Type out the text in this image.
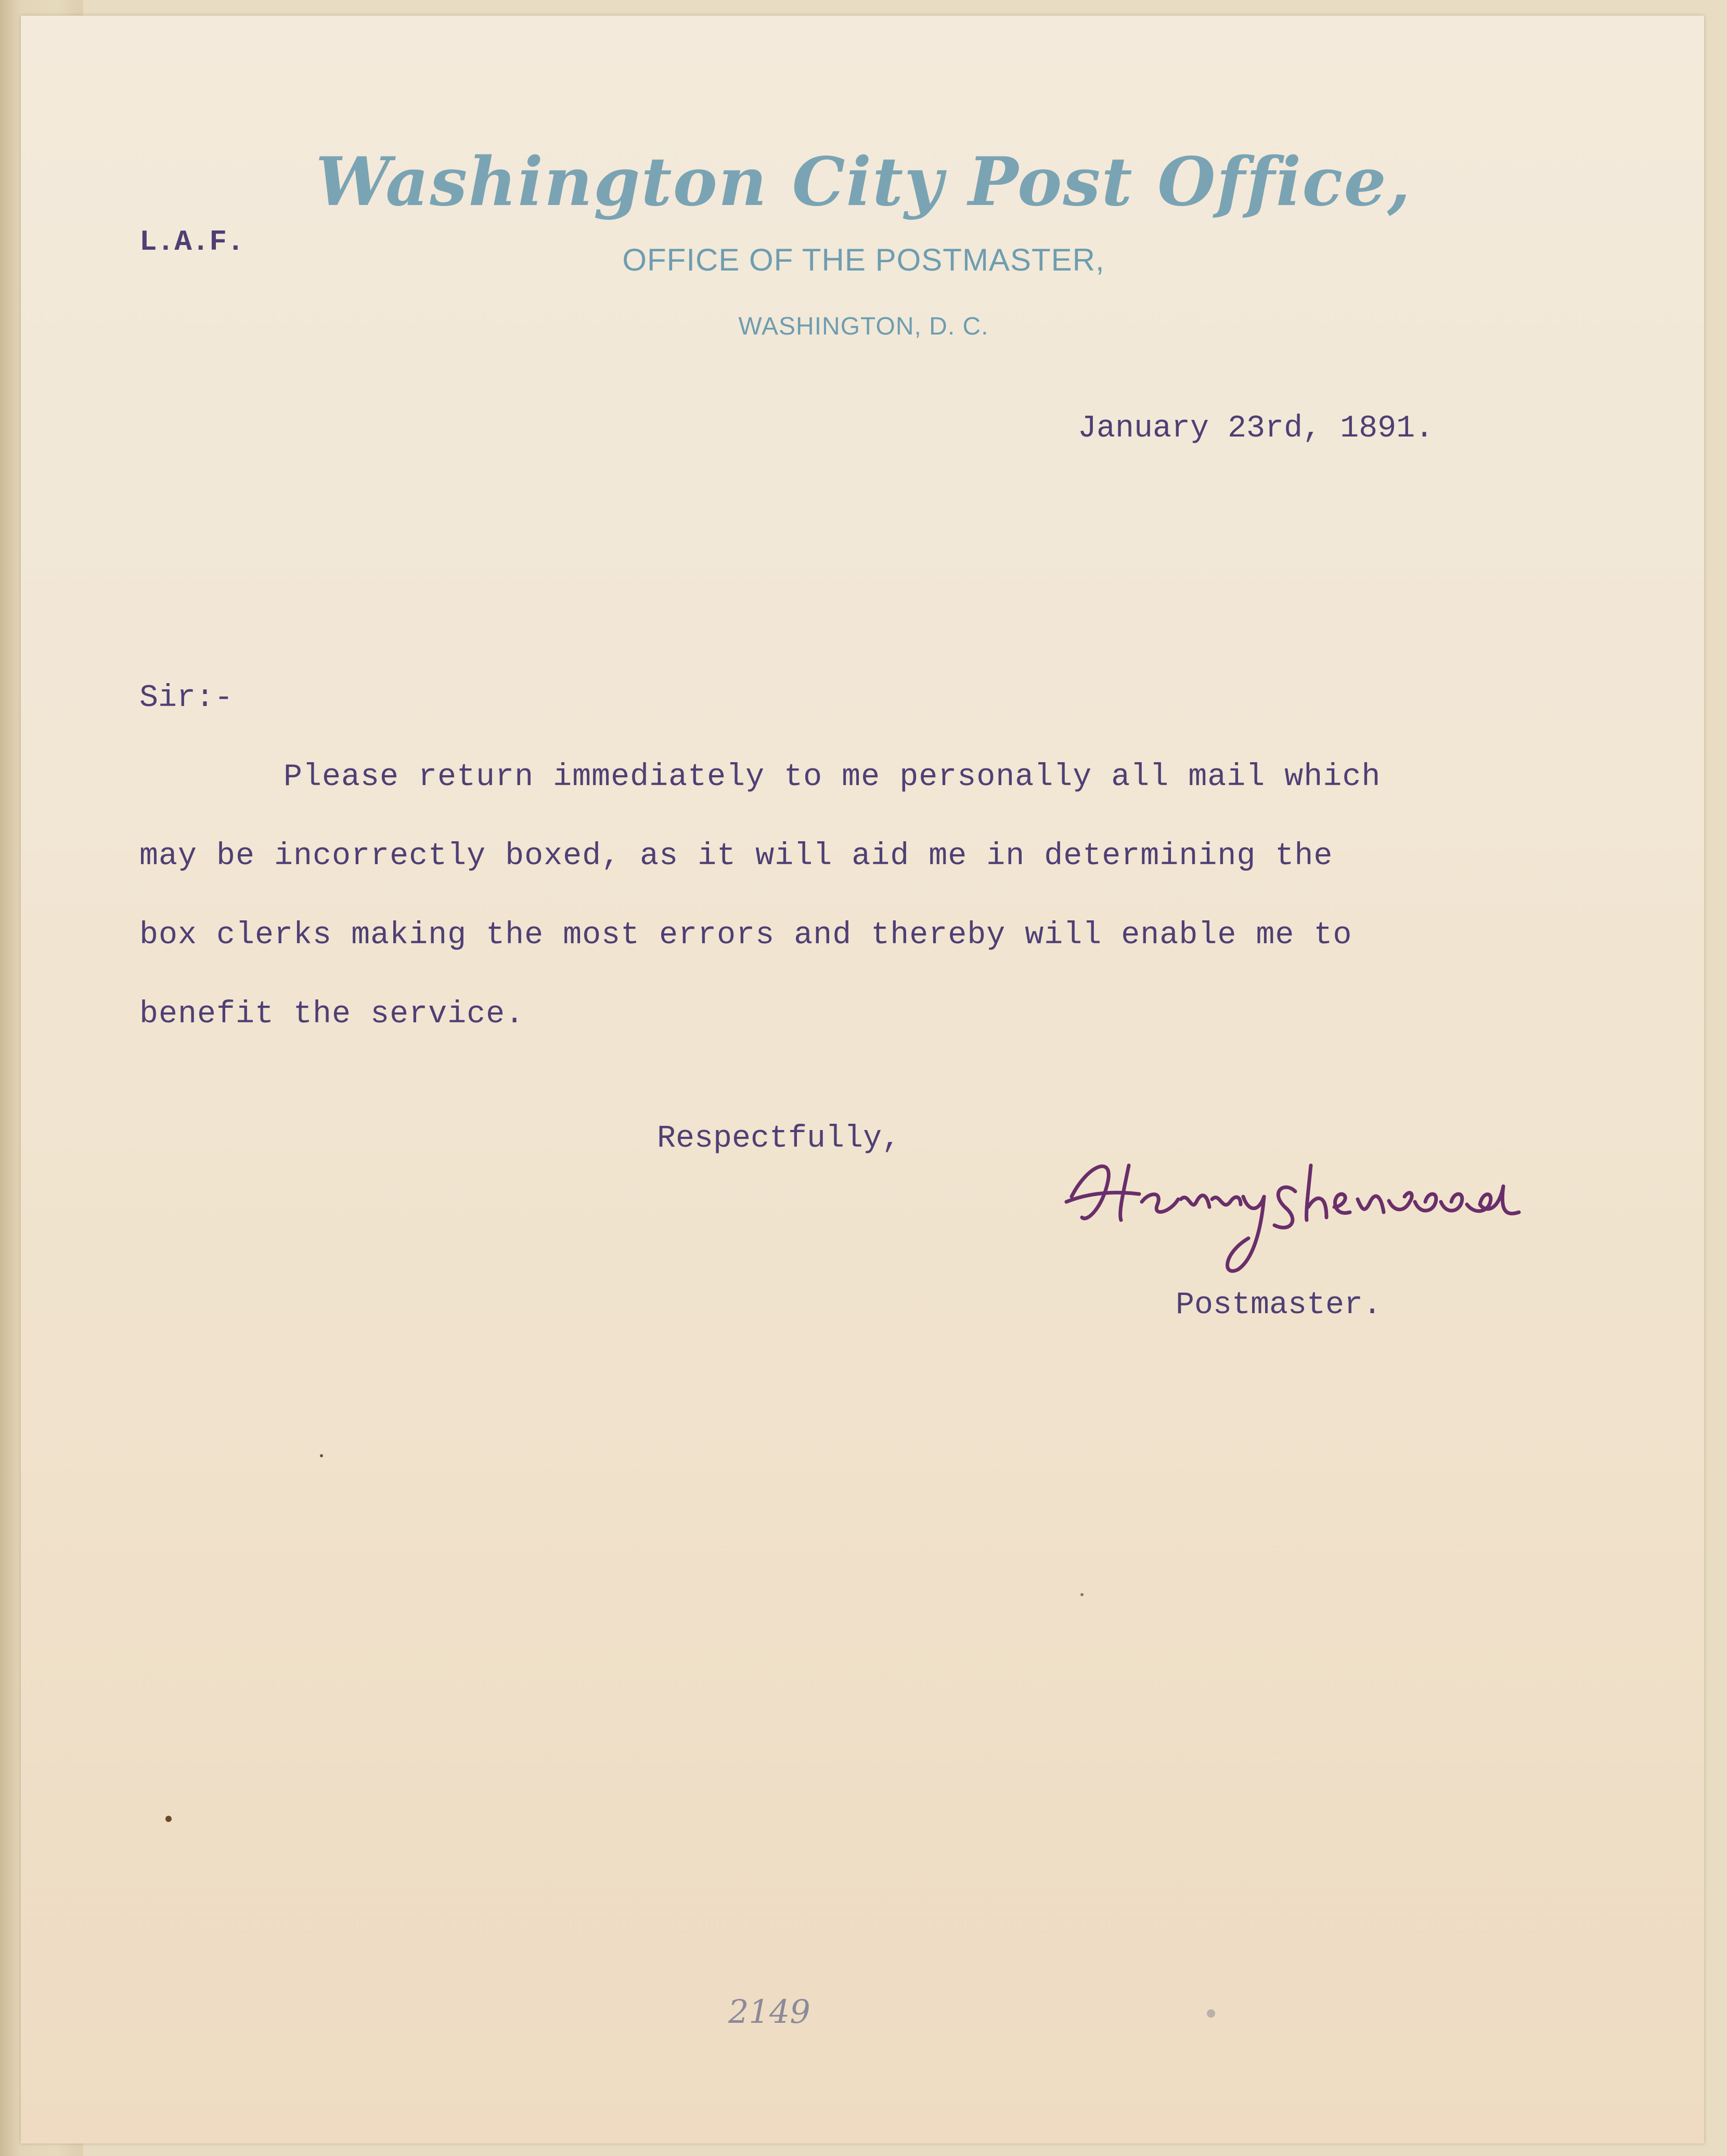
Washington City Post Office,
OFFICE OF THE POSTMASTER,
WASHINGTON, D. C.
L.A.F.
January 23rd, 1891.
Sir:-
Please return immediately to me personally all mail which
may be incorrectly boxed, as it will aid me in determining the
box clerks making the most errors and thereby will enable me to
benefit the service.
Respectfully,
Postmaster.
2149
